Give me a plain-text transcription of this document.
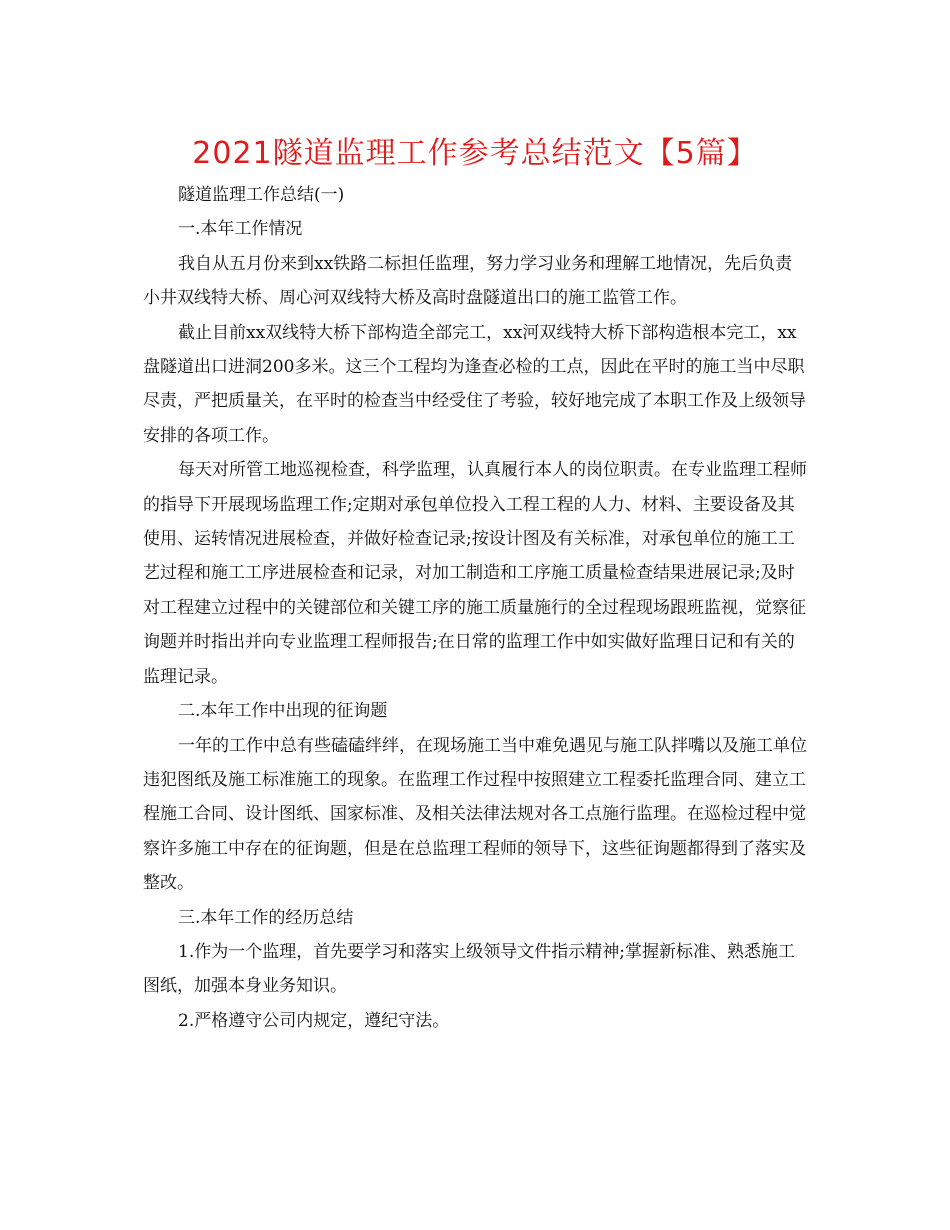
2021隧道监理工作参考总结范文【5篇】

隧道监理工作总结(一)

一.本年工作情况

我自从五月份来到xx铁路二标担任监理，努力学习业务和理解工地情况，先后负责小井双线特大桥、周心河双线特大桥及高时盘隧道出口的施工监管工作。

截止目前xx双线特大桥下部构造全部完工，xx河双线特大桥下部构造根本完工，xx盘隧道出口进洞200多米。这三个工程均为逢查必检的工点，因此在平时的施工当中尽职尽责，严把质量关，在平时的检查当中经受住了考验，较好地完成了本职工作及上级领导安排的各项工作。

每天对所管工地巡视检查，科学监理，认真履行本人的岗位职责。在专业监理工程师的指导下开展现场监理工作;定期对承包单位投入工程工程的人力、材料、主要设备及其使用、运转情况进展检查，并做好检查记录;按设计图及有关标准，对承包单位的施工工艺过程和施工工序进展检查和记录，对加工制造和工序施工质量检查结果进展记录;及时对工程建立过程中的关键部位和关键工序的施工质量施行的全过程现场跟班监视，觉察征询题并时指出并向专业监理工程师报告;在日常的监理工作中如实做好监理日记和有关的监理记录。

二.本年工作中出现的征询题

一年的工作中总有些磕磕绊绊，在现场施工当中难免遇见与施工队拌嘴以及施工单位违犯图纸及施工标准施工的现象。在监理工作过程中按照建立工程委托监理合同、建立工程施工合同、设计图纸、国家标准、及相关法律法规对各工点施行监理。在巡检过程中觉察许多施工中存在的征询题，但是在总监理工程师的领导下，这些征询题都得到了落实及整改。

三.本年工作的经历总结

1.作为一个监理，首先要学习和落实上级领导文件指示精神;掌握新标准、熟悉施工图纸，加强本身业务知识。

2.严格遵守公司内规定，遵纪守法。
